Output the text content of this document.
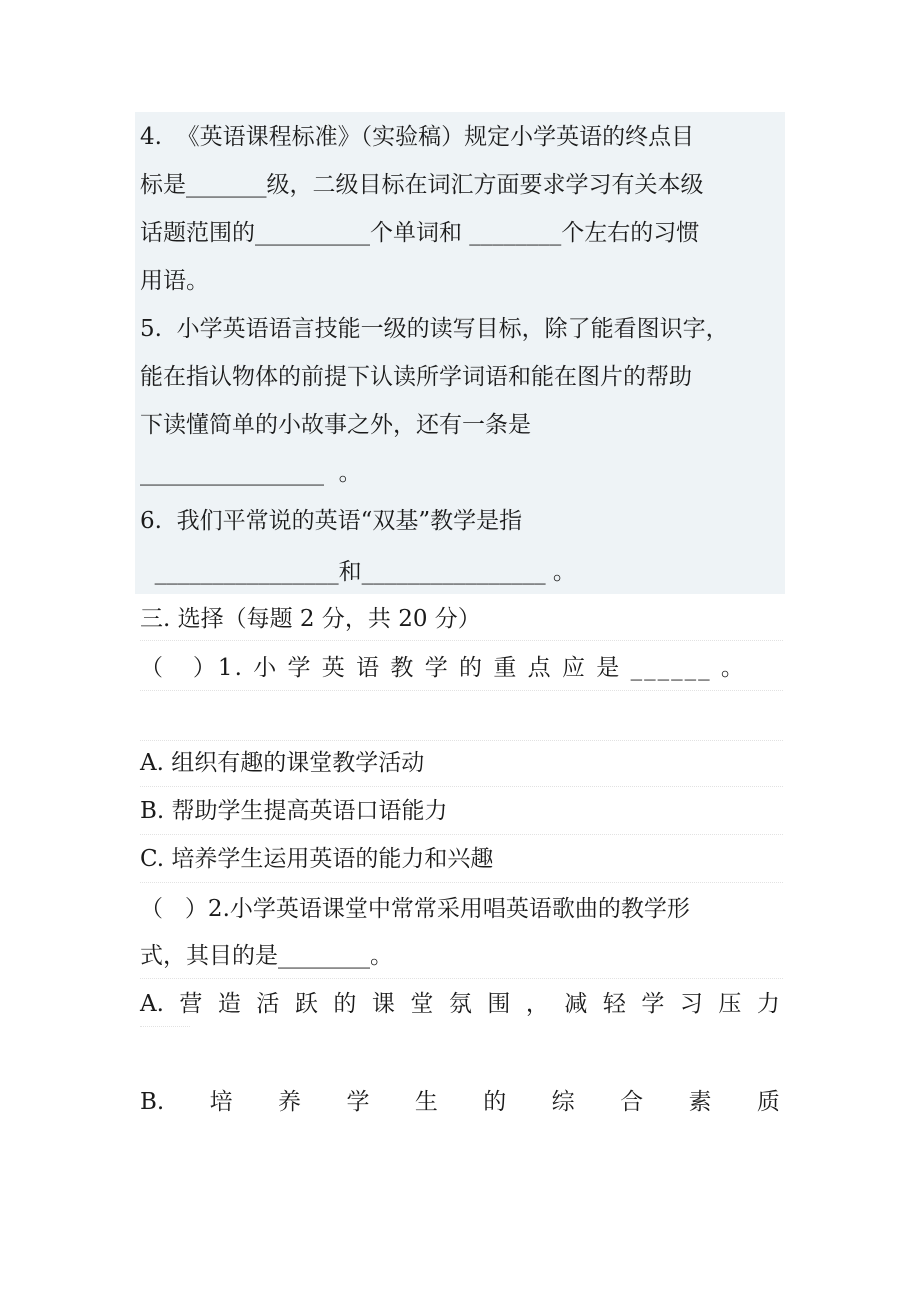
4.  《英语课程标准》（实验稿）规定小学英语的终点目
标是_______级，二级目标在词汇方面要求学习有关本级
话题范围的__________个单词和 ________个左右的习惯
用语。
5.  小学英语语言技能一级的读写目标，除了能看图识字，
能在指认物体的前提下认读所学词语和能在图片的帮助
下读懂简单的小故事之外，还有一条是
________________  。
6.  我们平常说的英语“双基”教学是指
________________和________________ 。
三. 选择（每题 2 分，共 20 分）
（   ）1. 小 学 英 语 教 学 的 重 点 应 是 ______ 。
A. 组织有趣的课堂教学活动
B. 帮助学生提高英语口语能力
C. 培养学生运用英语的能力和兴趣
（   ）2.小学英语课堂中常常采用唱英语歌曲的教学形
式，其目的是________。
A. 营 造 活 跃 的 课 堂 氛 围 ， 减 轻 学 习 压 力
B. 培 养 学 生 的 综 合 素 质
